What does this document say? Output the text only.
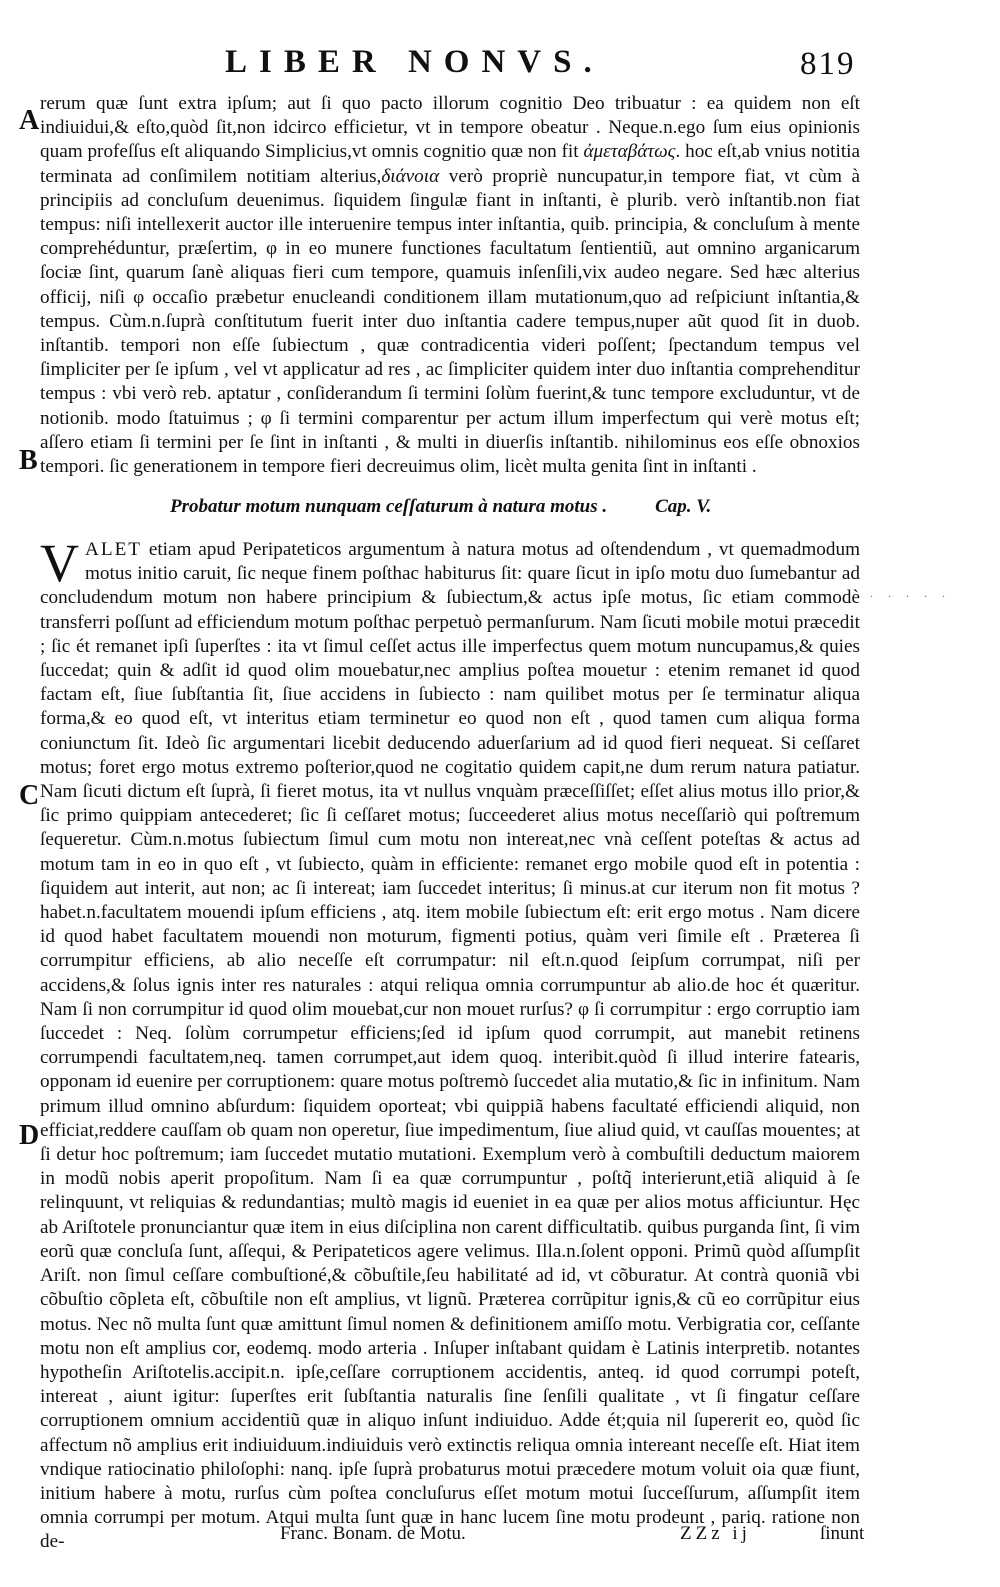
LIBER NONVS.	819
A
B
C
D

rerum quæ ſunt extra ipſum; aut ſi quo pacto illorum cognitio Deo tribuatur : ea quidem non eſt indiuidui,& eſto,quòd ſit,non idcirco efficietur, vt in tempore obeatur . Neque.n.ego ſum eius opinionis quam profeſſus eſt aliquando Simplicius,vt omnis cognitio quæ non fit ἀμεταβάτως. hoc eſt,ab vnius notitia terminata ad conſimilem notitiam alterius,διάνοια verò propriè nuncupatur,in tempore fiat, vt cùm à principiis ad concluſum deuenimus. ſiquidem ſingulæ fiant in inſtanti, è plurib. verò inſtantib.non fiat tempus: niſi intellexerit auctor ille interuenire tempus inter inſtantia, quib. principia, & concluſum à mente comprehéduntur, præſertim, φ in eo munere functiones facultatum ſentientiũ, aut omnino arganicarum ſociæ ſint, quarum ſanè aliquas fieri cum tempore, quamuis inſenſili,vix audeo negare. Sed hæc alterius officij, niſi φ occaſio præbetur enucleandi conditionem illam mutationum,quo ad reſpiciunt inſtantia,& tempus. Cùm.n.ſuprà conſtitutum fuerit inter duo inſtantia cadere tempus,nuper aũt quod ſit in duob. inſtantib. tempori non eſſe ſubiectum , quæ contradicentia videri poſſent; ſpectandum tempus vel ſimpliciter per ſe ipſum , vel vt applicatur ad res , ac ſimpliciter quidem inter duo inſtantia comprehenditur tempus : vbi verò reb. aptatur , conſiderandum ſi termini ſolùm fuerint,& tunc tempore excluduntur, vt de notionib. modo ſtatuimus ; φ ſi termini comparentur per actum illum imperfectum qui verè motus eſt; aſſero etiam ſi termini per ſe ſint in inſtanti , & multi in diuerſis inſtantib. nihilominus eos eſſe obnoxios tempori. ſic generationem in tempore fieri decreuimus olim, licèt multa genita ſint in inſtanti .

Probatur motum nunquam ceſſaturum à natura motus .	Cap. V.
. . . . .

VALET etiam apud Peripateticos argumentum à natura motus ad oſtendendum , vt quemadmodum motus initio caruit, ſic neque finem poſthac habiturus ſit: quare ſicut in ipſo motu duo ſumebantur ad concludendum motum non habere principium & ſubiectum,& actus ipſe motus, ſic etiam commodè transferri poſſunt ad efficiendum motum poſthac perpetuò permanſurum. Nam ſicuti mobile motui præcedit ; ſic ét remanet ipſi ſuperſtes : ita vt ſimul ceſſet actus ille imperfectus quem motum nuncupamus,& quies ſuccedat; quin & adſit id quod olim mouebatur,nec amplius poſtea mouetur : etenim remanet id quod factam eſt, ſiue ſubſtantia ſit, ſiue accidens in ſubiecto : nam quilibet motus per ſe terminatur aliqua forma,& eo quod eſt, vt interitus etiam terminetur eo quod non eſt , quod tamen cum aliqua forma coniunctum ſit. Ideò ſic argumentari licebit deducendo aduerſarium ad id quod fieri nequeat. Si ceſſaret motus; foret ergo motus extremo poſterior,quod ne cogitatio quidem capit,ne dum rerum natura patiatur. Nam ſicuti dictum eſt ſuprà, ſi fieret motus, ita vt nullus vnquàm præceſſiſſet; eſſet alius motus illo prior,& ſic primo quippiam antecederet; ſic ſi ceſſaret motus; ſucceederet alius motus neceſſariò qui poſtremum ſequeretur. Cùm.n.motus ſubiectum ſimul cum motu non intereat,nec vnà ceſſent poteſtas & actus ad motum tam in eo in quo eſt , vt ſubiecto, quàm in efficiente: remanet ergo mobile quod eſt in potentia : ſiquidem aut interit, aut non; ac ſi intereat; iam ſuccedet interitus; ſi minus.at cur iterum non fit motus ? habet.n.facultatem mouendi ipſum efficiens , atq. item mobile ſubiectum eſt: erit ergo motus . Nam dicere id quod habet facultatem mouendi non moturum, figmenti potius, quàm veri ſimile eſt . Præterea ſi corrumpitur efficiens, ab alio neceſſe eſt corrumpatur: nil eſt.n.quod ſeipſum corrumpat, niſi per accidens,& ſolus ignis inter res naturales : atqui reliqua omnia corrumpuntur ab alio.de hoc ét quæritur. Nam ſi non corrumpitur id quod olim mouebat,cur non mouet rurſus? φ ſi corrumpitur : ergo corruptio iam ſuccedet : Neq. ſolùm corrumpetur efficiens;ſed id ipſum quod corrumpit, aut manebit retinens corrumpendi facultatem,neq. tamen corrumpet,aut idem quoq. interibit.quòd ſi illud interire fatearis, opponam id euenire per corruptionem: quare motus poſtremò ſuccedet alia mutatio,& ſic in infinitum. Nam primum illud omnino abſurdum: ſiquidem oporteat; vbi quippiã habens facultaté efficiendi aliquid, non efficiat,reddere cauſſam ob quam non operetur, ſiue impedimentum, ſiue aliud quid, vt cauſſas mouentes; at ſi detur hoc poſtremum; iam ſuccedet mutatio mutationi. Exemplum verò à combuſtili deductum maiorem in modũ nobis aperit propoſitum. Nam ſi ea quæ corrumpuntur , poſtq̃ interierunt,etiã aliquid à ſe relinquunt, vt reliquias & redundantias; multò magis id eueniet in ea quæ per alios motus afficiuntur. Hęc ab Ariſtotele pronunciantur quæ item in eius diſciplina non carent difficultatib. quibus purganda ſint, ſi vim eorũ quæ concluſa ſunt, aſſequi, & Peripateticos agere velimus. Illa.n.ſolent opponi. Primũ quòd aſſumpſit Ariſt. non ſimul ceſſare combuſtioné,& cõbuſtile,ſeu habilitaté ad id, vt cõburatur. At contrà quoniã vbi cõbuſtio cõpleta eſt, cõbuſtile non eſt amplius, vt lignũ. Præterea corrũpitur ignis,& cũ eo corrũpitur eius motus. Nec nõ multa ſunt quæ amittunt ſimul nomen & definitionem amiſſo motu. Verbigratia cor, ceſſante motu non eſt amplius cor, eodemq. modo arteria . Inſuper inſtabant quidam è Latinis interpretib. notantes hypotheſin Ariſtotelis.accipit.n. ipſe,ceſſare corruptionem accidentis, anteq. id quod corrumpi poteſt, intereat , aiunt igitur: ſuperſtes erit ſubſtantia naturalis ſine ſenſili qualitate , vt ſi fingatur ceſſare corruptionem omnium accidentiũ quæ in aliquo inſunt indiuiduo. Adde ét;quia nil ſupererit eo, quòd ſic affectum nõ amplius erit indiuiduum.indiuiduis verò extinctis reliqua omnia intereant neceſſe eſt. Hiat item vndique ratiocinatio philoſophi: nanq. ipſe ſuprà probaturus motui præcedere motum voluit oia quæ fiunt, initium habere à motu, rurſus cùm poſtea concluſurus eſſet motum motui ſucceſſurum, aſſumpſit item omnia corrumpi per motum. Atqui multa ſunt quæ in hanc lucem ſine motu prodeunt , pariq. ratione non de-	Franc. Bonam. de Motu.	ZZz ij	ſinunt
